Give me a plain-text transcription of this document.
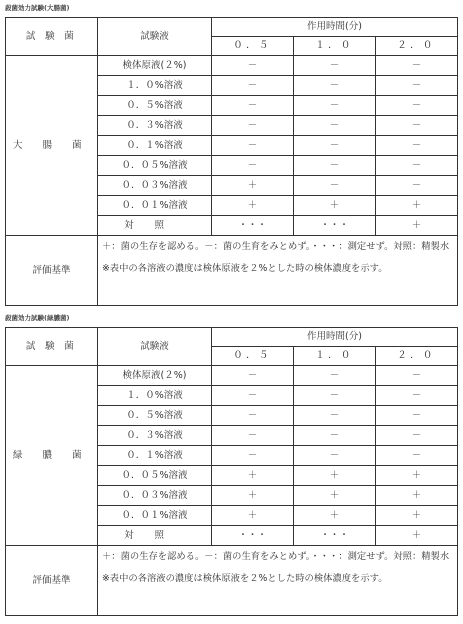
殺菌効力試験(大腸菌)
試 験 菌	試験液	作用時間(分)		
		０．５	１．０	２．０
大 腸 菌	検体原液(２%)	－	－	－
	１．０%溶液	－	－	－
	０．５%溶液	－	－	－
	０．３%溶液	－	－	－
	０．１%溶液	－	－	－
	０．０５%溶液	－	－	－
	０．０３%溶液	＋	－	－
	０．０１%溶液	＋	＋	＋
	対照	・・・	・・・	＋
評価基準	＋：菌の生存を認める。－：菌の生育をみとめず。・・・：測定せず。対照：精製水
※表中の各溶液の濃度は検体原液を２%とした時の検体濃度を示す。			
殺菌効力試験(緑膿菌)
試 験 菌	試験液	作用時間(分)		
		０．５	１．０	２．０
緑 膿 菌	検体原液(２%)	－	－	－
	１．０%溶液	－	－	－
	０．５%溶液	－	－	－
	０．３%溶液	－	－	－
	０．１%溶液	－	－	－
	０．０５%溶液	＋	＋	＋
	０．０３%溶液	＋	＋	＋
	０．０１%溶液	＋	＋	＋
	対照	・・・	・・・	＋
評価基準	＋：菌の生存を認める。－：菌の生育をみとめず。・・・：測定せず。対照：精製水
※表中の各溶液の濃度は検体原液を２%とした時の検体濃度を示す。			
